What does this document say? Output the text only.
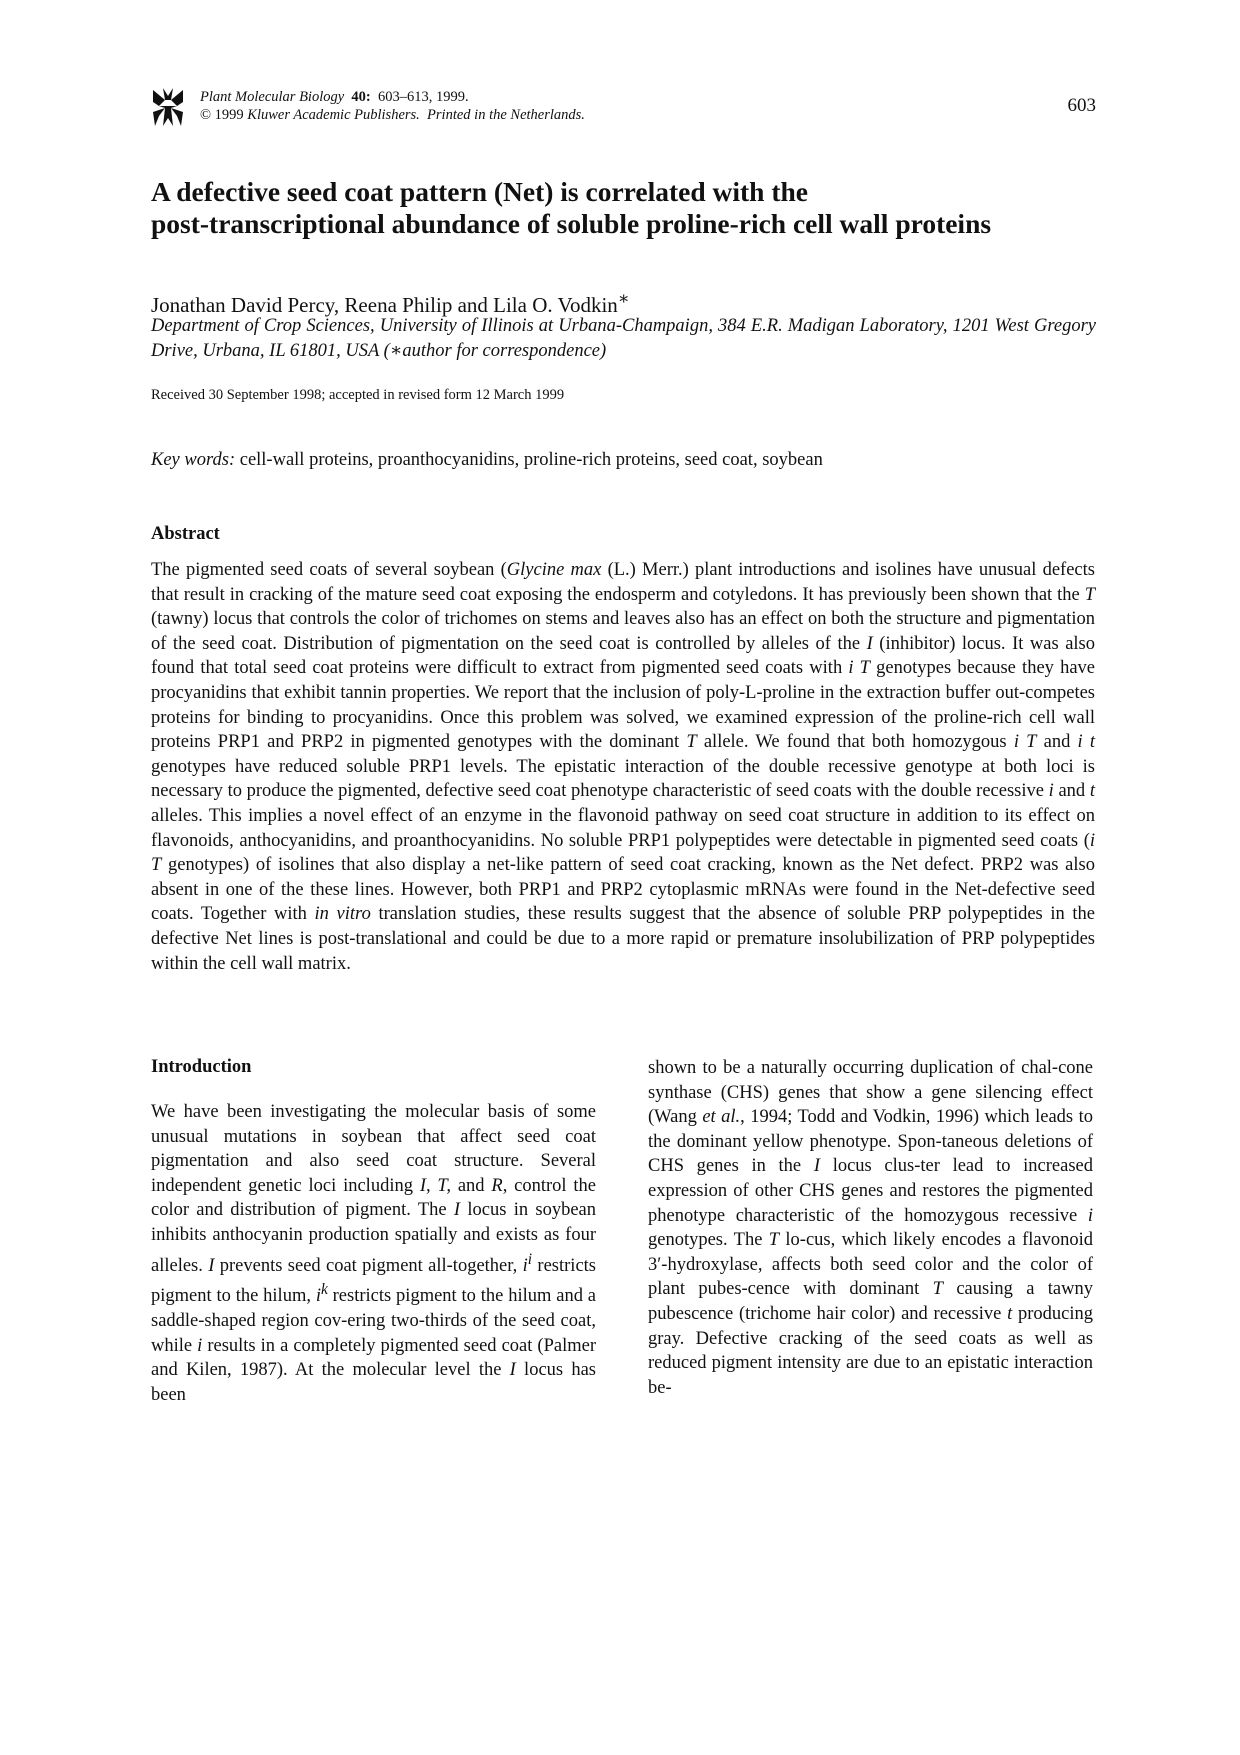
Plant Molecular Biology 40: 603–613, 1999.
© 1999 Kluwer Academic Publishers. Printed in the Netherlands.	603
A defective seed coat pattern (Net) is correlated with the
post-transcriptional abundance of soluble proline-rich cell wall proteins
Jonathan David Percy, Reena Philip and Lila O. Vodkin∗
Department of Crop Sciences, University of Illinois at Urbana-Champaign, 384 E.R. Madigan Laboratory, 1201 West Gregory Drive, Urbana, IL 61801, USA (∗author for correspondence)
Received 30 September 1998; accepted in revised form 12 March 1999
Key words: cell-wall proteins, proanthocyanidins, proline-rich proteins, seed coat, soybean
Abstract

The pigmented seed coats of several soybean (Glycine max (L.) Merr.) plant introductions and isolines have unusual defects that result in cracking of the mature seed coat exposing the endosperm and cotyledons. It has previously been shown that the T (tawny) locus that controls the color of trichomes on stems and leaves also has an effect on both the structure and pigmentation of the seed coat. Distribution of pigmentation on the seed coat is controlled by alleles of the I (inhibitor) locus. It was also found that total seed coat proteins were difficult to extract from pigmented seed coats with i T genotypes because they have procyanidins that exhibit tannin properties. We report that the inclusion of poly-L-proline in the extraction buffer out-competes proteins for binding to procyanidins. Once this problem was solved, we examined expression of the proline-rich cell wall proteins PRP1 and PRP2 in pigmented genotypes with the dominant T allele. We found that both homozygous i T and i t genotypes have reduced soluble PRP1 levels. The epistatic interaction of the double recessive genotype at both loci is necessary to produce the pigmented, defective seed coat phenotype characteristic of seed coats with the double recessive i and t alleles. This implies a novel effect of an enzyme in the flavonoid pathway on seed coat structure in addition to its effect on flavonoids, anthocyanidins, and proanthocyanidins. No soluble PRP1 polypeptides were detectable in pigmented seed coats (i T genotypes) of isolines that also display a net-like pattern of seed coat cracking, known as the Net defect. PRP2 was also absent in one of the these lines. However, both PRP1 and PRP2 cytoplasmic mRNAs were found in the Net-defective seed coats. Together with in vitro translation studies, these results suggest that the absence of soluble PRP polypeptides in the defective Net lines is post-translational and could be due to a more rapid or premature insolubilization of PRP polypeptides within the cell wall matrix.

Introduction

We have been investigating the molecular basis of some unusual mutations in soybean that affect seed coat pigmentation and also seed coat structure. Several independent genetic loci including I, T, and R, control the color and distribution of pigment. The I locus in soybean inhibits anthocyanin production spatially and exists as four alleles. I prevents seed coat pigment all-together, $i^i$ restricts pigment to the hilum, $i^k$ restricts pigment to the hilum and a saddle-shaped region cov-ering two-thirds of the seed coat, while i results in a completely pigmented seed coat (Palmer and Kilen, 1987). At the molecular level the I locus has been

shown to be a naturally occurring duplication of chal-cone synthase (CHS) genes that show a gene silencing effect (Wang et al., 1994; Todd and Vodkin, 1996) which leads to the dominant yellow phenotype. Spon-taneous deletions of CHS genes in the I locus clus-ter lead to increased expression of other CHS genes and restores the pigmented phenotype characteristic of the homozygous recessive i genotypes. The T lo-cus, which likely encodes a flavonoid 3′-hydroxylase, affects both seed color and the color of plant pubes-cence with dominant T causing a tawny pubescence (trichome hair color) and recessive t producing gray. Defective cracking of the seed coats as well as reduced pigment intensity are due to an epistatic interaction be-
